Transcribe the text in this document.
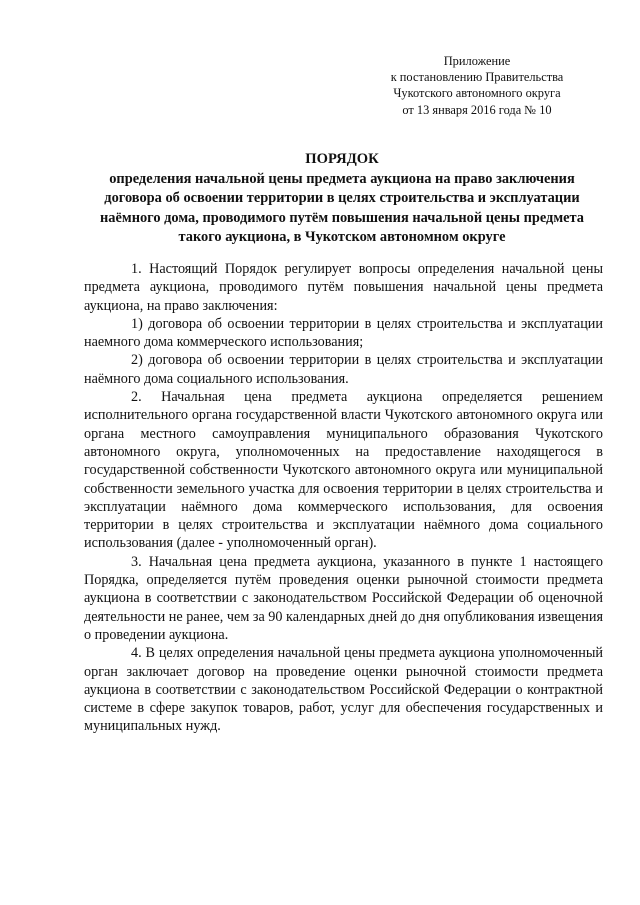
Приложение
к постановлению Правительства
Чукотского автономного округа
от 13 января 2016 года № 10
ПОРЯДОК
определения начальной цены предмета аукциона на право заключения
договора об освоении территории в целях строительства и эксплуатации
наёмного дома, проводимого путём повышения начальной цены предмета
такого аукциона, в Чукотском автономном округе

1. Настоящий Порядок регулирует вопросы определения начальной цены предмета аукциона, проводимого путём повышения начальной цены предмета аукциона, на право заключения:

1) договора об освоении территории в целях строительства и эксплуатации наемного дома коммерческого использования;

2) договора об освоении территории в целях строительства и эксплуатации наёмного дома социального использования.

2. Начальная цена предмета аукциона определяется решением исполнительного органа государственной власти Чукотского автономного округа или органа местного самоуправления муниципального образования Чукотского автономного округа, уполномоченных на предоставление находящегося в государственной собственности Чукотского автономного округа или муниципальной собственности земельного участка для освоения территории в целях строительства и эксплуатации наёмного дома коммерческого использования, для освоения территории в целях строительства и эксплуатации наёмного дома социального использования (далее - уполномоченный орган).

3. Начальная цена предмета аукциона, указанного в пункте 1 настоящего Порядка, определяется путём проведения оценки рыночной стоимости предмета аукциона в соответствии с законодательством Российской Федерации об оценочной деятельности не ранее, чем за 90 календарных дней до дня опубликования извещения о проведении аукциона.

4. В целях определения начальной цены предмета аукциона уполномоченный орган заключает договор на проведение оценки рыночной стоимости предмета аукциона в соответствии с законодательством Российской Федерации о контрактной системе в сфере закупок товаров, работ, услуг для обеспечения государственных и муниципальных нужд.
